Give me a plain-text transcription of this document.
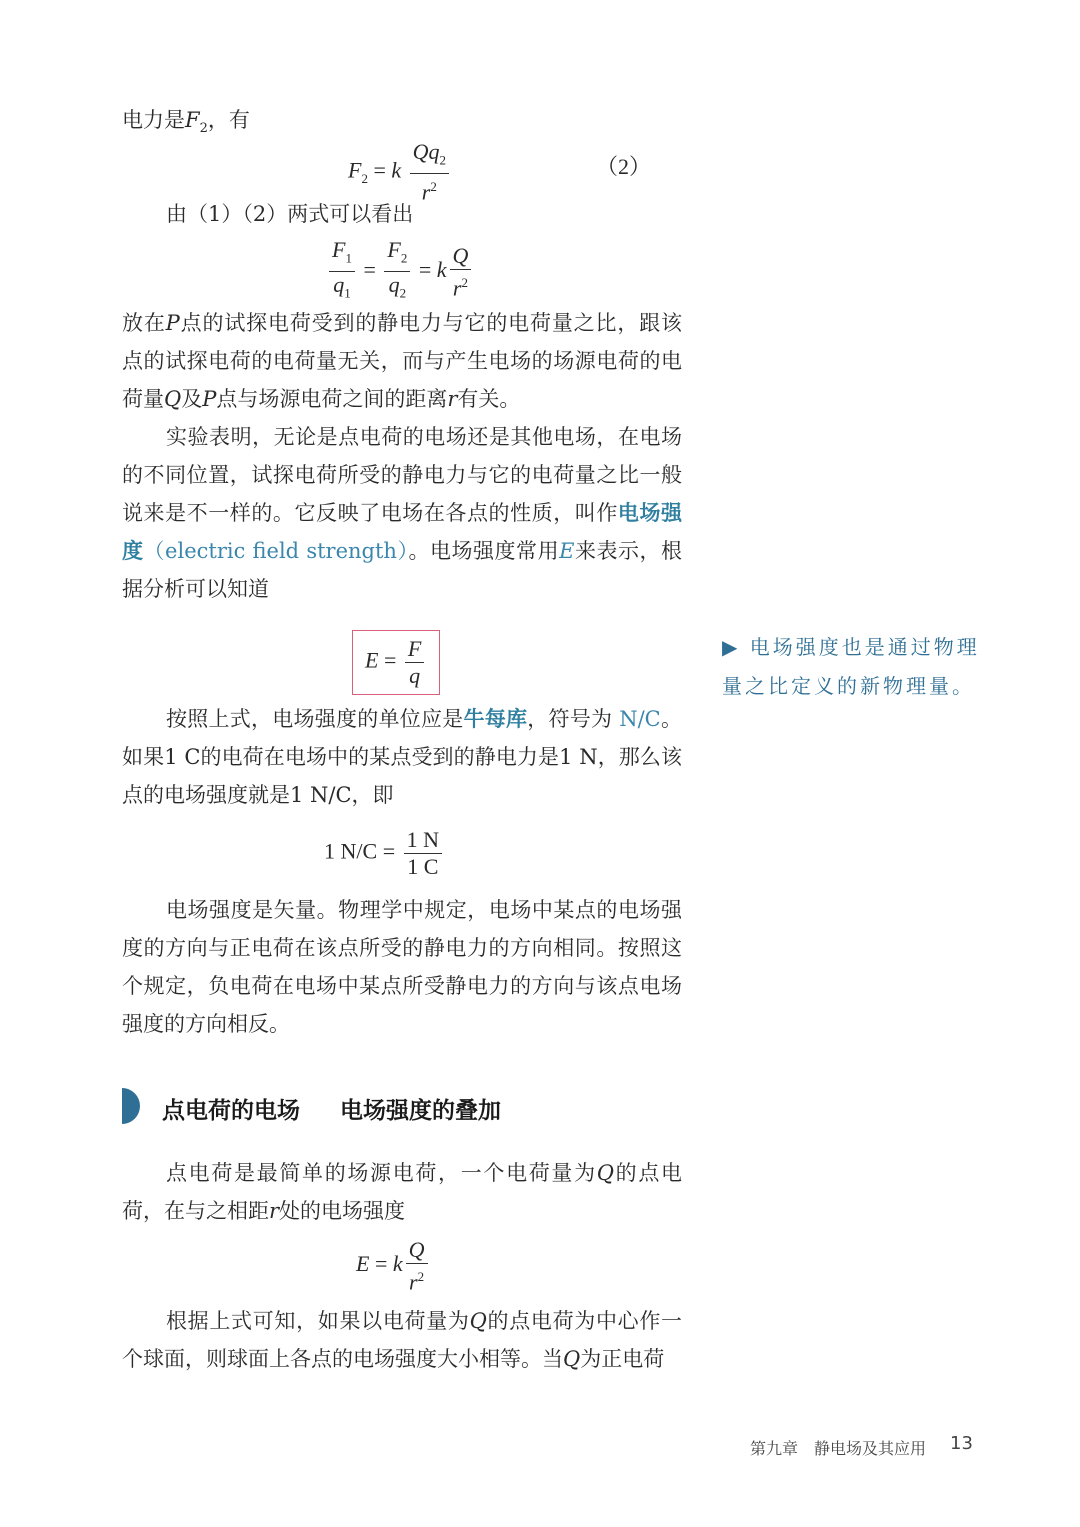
电力是$F_2$，有

$F_2 = k \frac{Qq_2}{r^2}$	（2）

由（1）（2）两式可以看出

$\frac{F_1}{q_1} = \frac{F_2}{q_2} = k \frac{Q}{r^2}$

放在P点的试探电荷受到的静电力与它的电荷量之比，跟该点的试探电荷的电荷量无关，而与产生电场的场源电荷的电荷量Q及P点与场源电荷之间的距离r有关。

实验表明，无论是点电荷的电场还是其他电场，在电场的不同位置，试探电荷所受的静电力与它的电荷量之比一般说来是不一样的。它反映了电场在各点的性质，叫作电场强度（electric field strength）。电场强度常用E来表示，根据分析可以知道

$E = \frac{F}{q}$	▶ 电场强度也是通过物理量之比定义的新物理量。

按照上式，电场强度的单位应是牛每库，符号为 N/C。如果1 C的电荷在电场中的某点受到的静电力是1 N，那么该点的电场强度就是1 N/C，即

1 $N/C = \frac{1 N}{1 C}$

电场强度是矢量。物理学中规定，电场中某点的电场强度的方向与正电荷在该点所受的静电力的方向相同。按照这个规定，负电荷在电场中某点所受静电力的方向与该点电场强度的方向相反。

点电荷的电场 电场强度的叠加

点电荷是最简单的场源电荷，一个电荷量为Q的点电荷，在与之相距r处的电场强度

E = k $\frac{Q}{r^2}$

根据上式可知，如果以电荷量为Q的点电荷为中心作一个球面，则球面上各点的电场强度大小相等。当Q为正电荷

第九章　静电场及其应用 13
